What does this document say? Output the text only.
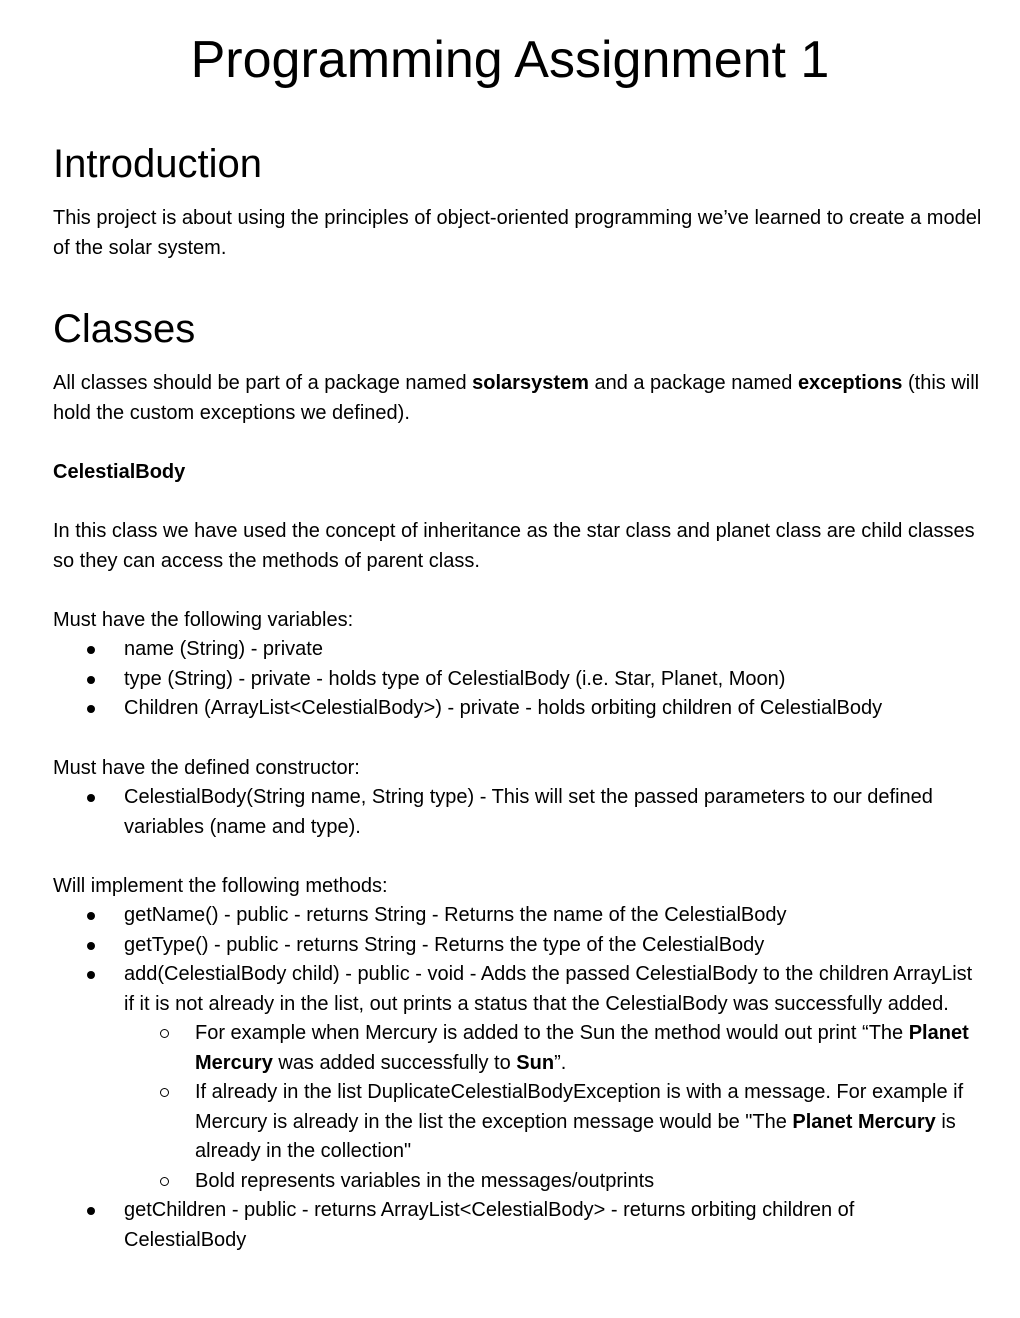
Programming Assignment 1
Introduction

This project is about using the principles of object-oriented programming we’ve learned to create a model of the solar system.

Classes

All classes should be part of a package named solarsystem and a package named exceptions (this will hold the custom exceptions we defined).

CelestialBody

In this class we have used the concept of inheritance as the star class and planet class are child classes so they can access the methods of parent class.

Must have the following variables:

name (String) - private
type (String) - private - holds type of CelestialBody (i.e. Star, Planet, Moon)
Children (ArrayList<CelestialBody>) - private - holds orbiting children of CelestialBody

Must have the defined constructor:

CelestialBody(String name, String type) - This will set the passed parameters to our defined variables (name and type).

Will implement the following methods:

getName() - public - returns String - Returns the name of the CelestialBody
getType() - public - returns String - Returns the type of the CelestialBody
add(CelestialBody child) - public - void - Adds the passed CelestialBody to the children ArrayList if it is not already in the list, out prints a status that the CelestialBody was successfully added.
For example when Mercury is added to the Sun the method would out print “The Planet Mercury was added successfully to Sun”.
If already in the list DuplicateCelestialBodyException is with a message. For example if Mercury is already in the list the exception message would be "The Planet Mercury is already in the collection"
Bold represents variables in the messages/outprints
getChildren - public - returns ArrayList<CelestialBody> - returns orbiting children of CelestialBody
